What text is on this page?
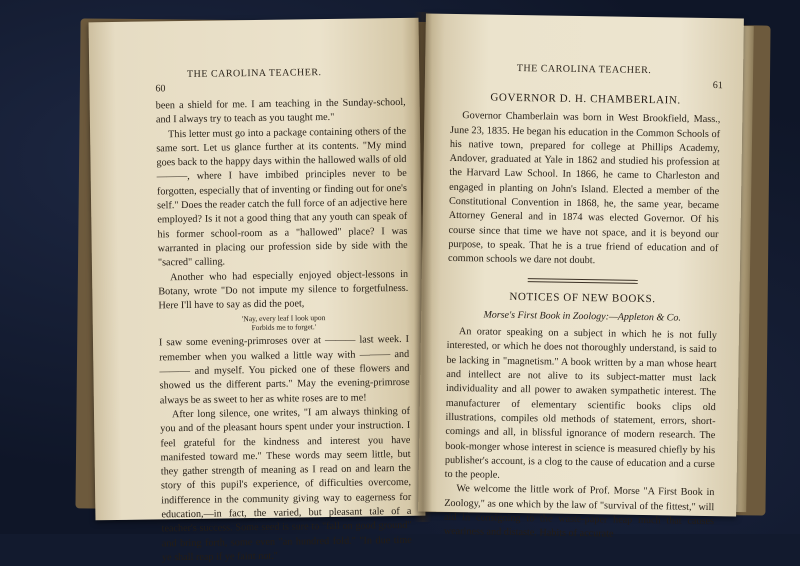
THE CAROLINA TEACHER.
60

been a shield for me. I am teaching in the Sunday-school, and I always try to teach as you taught me."

This letter must go into a package containing others of the same sort. Let us glance further at its contents. "My mind goes back to the happy days within the hallowed walls of old ———, where I have imbibed principles never to be forgotten, especially that of inventing or finding out for one's self." Does the reader catch the full force of an adjective here employed? Is it not a good thing that any youth can speak of his former school-room as a "hallowed" place? I was warranted in placing our profession side by side with the "sacred" calling.

Another who had especially enjoyed object-lessons in Botany, wrote "Do not impute my silence to forgetfulness. Here I'll have to say as did the poet,

'Nay, every leaf I look upon
Forbids me to forget.'

I saw some evening-primroses over at ——— last week. I remember when you walked a little way with ——— and ——— and myself. You picked one of these flowers and showed us the different parts." May the evening-primrose always be as sweet to her as white roses are to me!

After long silence, one writes, "I am always thinking of you and of the pleasant hours spent under your instruction. I feel grateful for the kindness and interest you have manifested toward me." These words may seem little, but they gather strength of meaning as I read on and learn the story of this pupil's experience, of difficulties overcome, indifference in the community giving way to eagerness for education,—in fact, the varied, but pleasant tale of a teacher's success. Some seed is sure to "fall on good ground" and bring forth, some even "an hundred fold." "In due time ye shall reap if ye faint not."

THE CAROLINA TEACHER.
61
GOVERNOR D. H. CHAMBERLAIN.

Governor Chamberlain was born in West Brookfield, Mass., June 23, 1835. He began his education in the Common Schools of his native town, prepared for college at Phillips Academy, Andover, graduated at Yale in 1862 and studied his profession at the Harvard Law School. In 1866, he came to Charleston and engaged in planting on John's Island. Elected a member of the Constitutional Convention in 1868, he, the same year, became Attorney General and in 1874 was elected Governor. Of his course since that time we have not space, and it is beyond our purpose, to speak. That he is a true friend of education and of common schools we dare not doubt.

NOTICES OF NEW BOOKS.
Morse's First Book in Zoology:—Appleton & Co.

An orator speaking on a subject in which he is not fully interested, or which he does not thoroughly understand, is said to be lacking in "magnetism." A book written by a man whose heart and intellect are not alive to its subject-matter must lack individuality and all power to awaken sympathetic interest. The manufacturer of elementary scientific books clips old illustrations, compiles old methods of statement, errors, short-comings and all, in blissful ignorance of modern research. The book-monger whose interest in science is measured chiefly by his publisher's account, is a clog to the cause of education and a curse to the people.

We welcome the little work of Prof. Morse "A First Book in Zoology," as one which by the law of "survival of the fittest," will aid in consigning to the waste-paper heap much that causes weariness and distaste. Habits of accurate
